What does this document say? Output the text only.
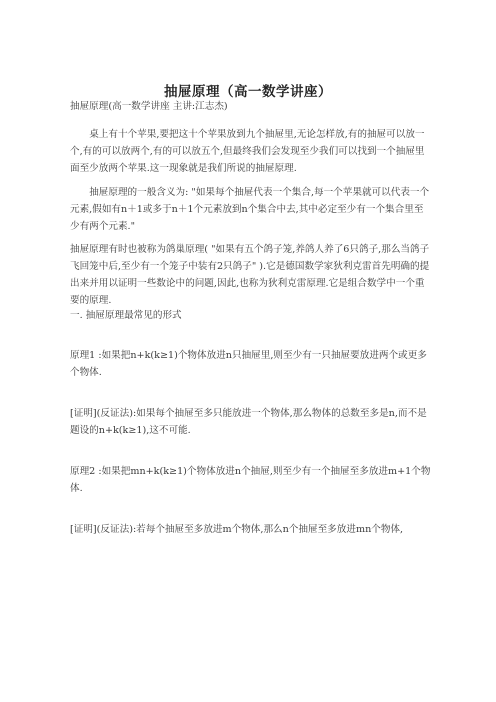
抽屉原理（高一数学讲座）

抽屉原理(高一数学讲座 主讲:江志杰)

桌上有十个苹果,要把这十个苹果放到九个抽屉里,无论怎样放,有的抽屉可以放一个,有的可以放两个,有的可以放五个,但最终我们会发现至少我们可以找到一个抽屉里面至少放两个苹果.这一现象就是我们所说的抽屉原理.

抽屉原理的一般含义为: "如果每个抽屉代表一个集合,每一个苹果就可以代表一个元素,假如有n＋1或多于n＋1个元素放到n个集合中去,其中必定至少有一个集合里至少有两个元素."

抽屉原理有时也被称为鸽巢原理( "如果有五个鸽子笼,养鸽人养了6只鸽子,那么当鸽子飞回笼中后,至少有一个笼子中装有2只鸽子" ).它是德国数学家狄利克雷首先明确的提出来并用以证明一些数论中的问题,因此,也称为狄利克雷原理.它是组合数学中一个重要的原理.

一. 抽屉原理最常见的形式

原理1 :如果把n+k(k≥1)个物体放进n只抽屉里,则至少有一只抽屉要放进两个或更多个物体.

[证明](反证法):如果每个抽屉至多只能放进一个物体,那么物体的总数至多是n,而不是题设的n+k(k≥1),这不可能.

原理2 :如果把mn+k(k≥1)个物体放进n个抽屉,则至少有一个抽屉至多放进m+1个物体.

[证明](反证法):若每个抽屉至多放进m个物体,那么n个抽屉至多放进mn个物体,
